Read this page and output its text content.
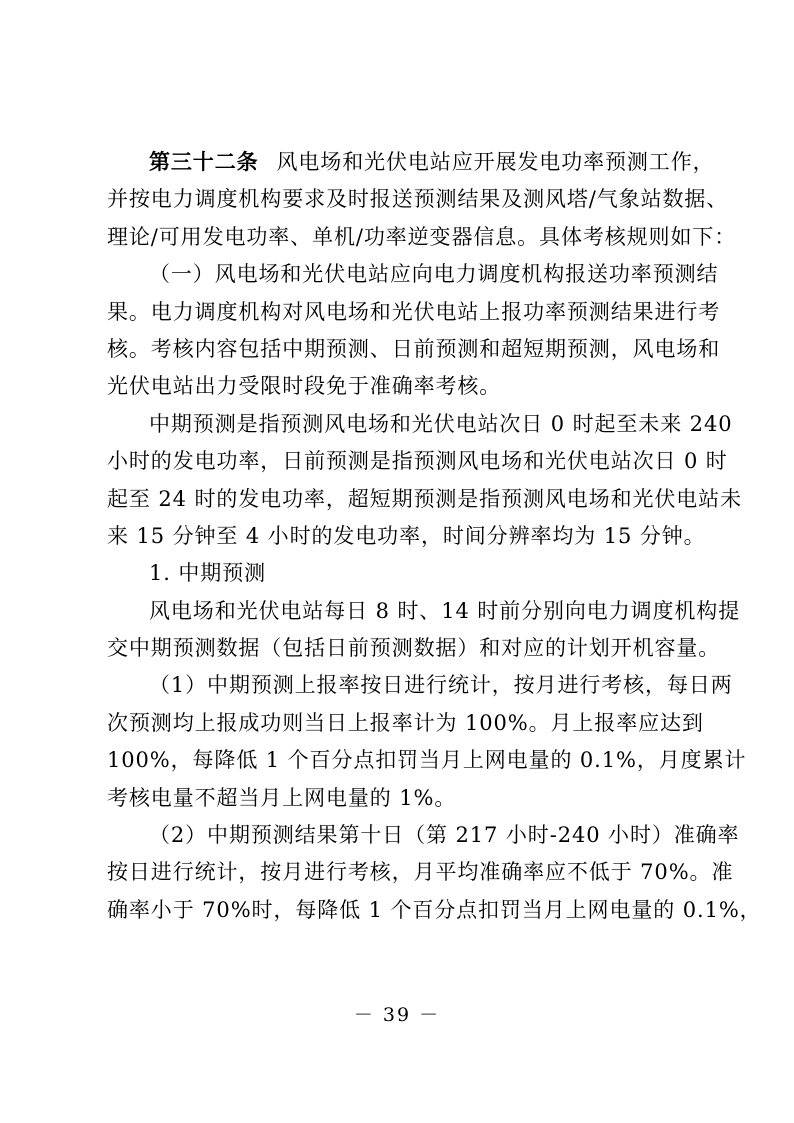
第三十二条 风电场和光伏电站应开展发电功率预测工作，
并按电力调度机构要求及时报送预测结果及测风塔/气象站数据、
理论/可用发电功率、单机/功率逆变器信息。具体考核规则如下：
（一）风电场和光伏电站应向电力调度机构报送功率预测结
果。电力调度机构对风电场和光伏电站上报功率预测结果进行考
核。考核内容包括中期预测、日前预测和超短期预测，风电场和
光伏电站出力受限时段免于准确率考核。
中期预测是指预测风电场和光伏电站次日 0 时起至未来 240
小时的发电功率，日前预测是指预测风电场和光伏电站次日 0 时
起至 24 时的发电功率，超短期预测是指预测风电场和光伏电站未
来 15 分钟至 4 小时的发电功率，时间分辨率均为 15 分钟。
1. 中期预测
风电场和光伏电站每日 8 时、14 时前分别向电力调度机构提
交中期预测数据（包括日前预测数据）和对应的计划开机容量。
（1）中期预测上报率按日进行统计，按月进行考核，每日两
次预测均上报成功则当日上报率计为 100%。月上报率应达到
100%，每降低 1 个百分点扣罚当月上网电量的 0.1%，月度累计
考核电量不超当月上网电量的 1%。
（2）中期预测结果第十日（第 217 小时-240 小时）准确率
按日进行统计，按月进行考核，月平均准确率应不低于 70%。准
确率小于 70%时，每降低 1 个百分点扣罚当月上网电量的 0.1%，
－ 39 －
